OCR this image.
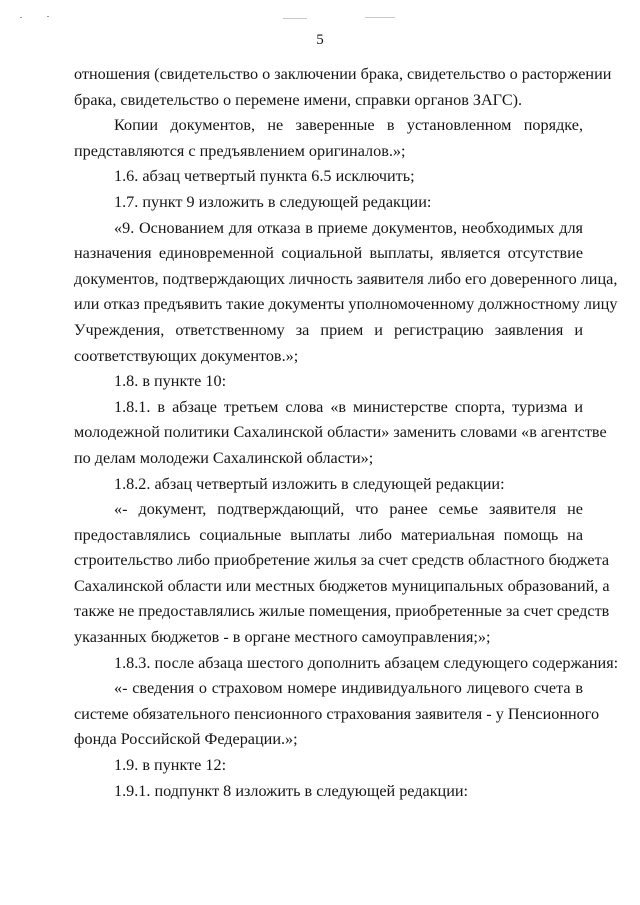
5
отношения (свидетельство о заключении брака, свидетельство о расторжении
брака, свидетельство о перемене имени, справки органов ЗАГС).
Копии документов, не заверенные в установленном порядке,
представляются с предъявлением оригиналов.»;
1.6. абзац четвертый пункта 6.5 исключить;
1.7. пункт 9 изложить в следующей редакции:
«9. Основанием для отказа в приеме документов, необходимых для
назначения единовременной социальной выплаты, является отсутствие
документов, подтверждающих личность заявителя либо его доверенного лица,
или отказ предъявить такие документы уполномоченному должностному лицу
Учреждения, ответственному за прием и регистрацию заявления и
соответствующих документов.»;
1.8. в пункте 10:
1.8.1. в абзаце третьем слова «в министерстве спорта, туризма и
молодежной политики Сахалинской области» заменить словами «в агентстве
по делам молодежи Сахалинской области»;
1.8.2. абзац четвертый изложить в следующей редакции:
«- документ, подтверждающий, что ранее семье заявителя не
предоставлялись социальные выплаты либо материальная помощь на
строительство либо приобретение жилья за счет средств областного бюджета
Сахалинской области или местных бюджетов муниципальных образований, а
также не предоставлялись жилые помещения, приобретенные за счет средств
указанных бюджетов - в органе местного самоуправления;»;
1.8.3. после абзаца шестого дополнить абзацем следующего содержания:
«- сведения о страховом номере индивидуального лицевого счета в
системе обязательного пенсионного страхования заявителя - у Пенсионного
фонда Российской Федерации.»;
1.9. в пункте 12:
1.9.1. подпункт 8 изложить в следующей редакции:
